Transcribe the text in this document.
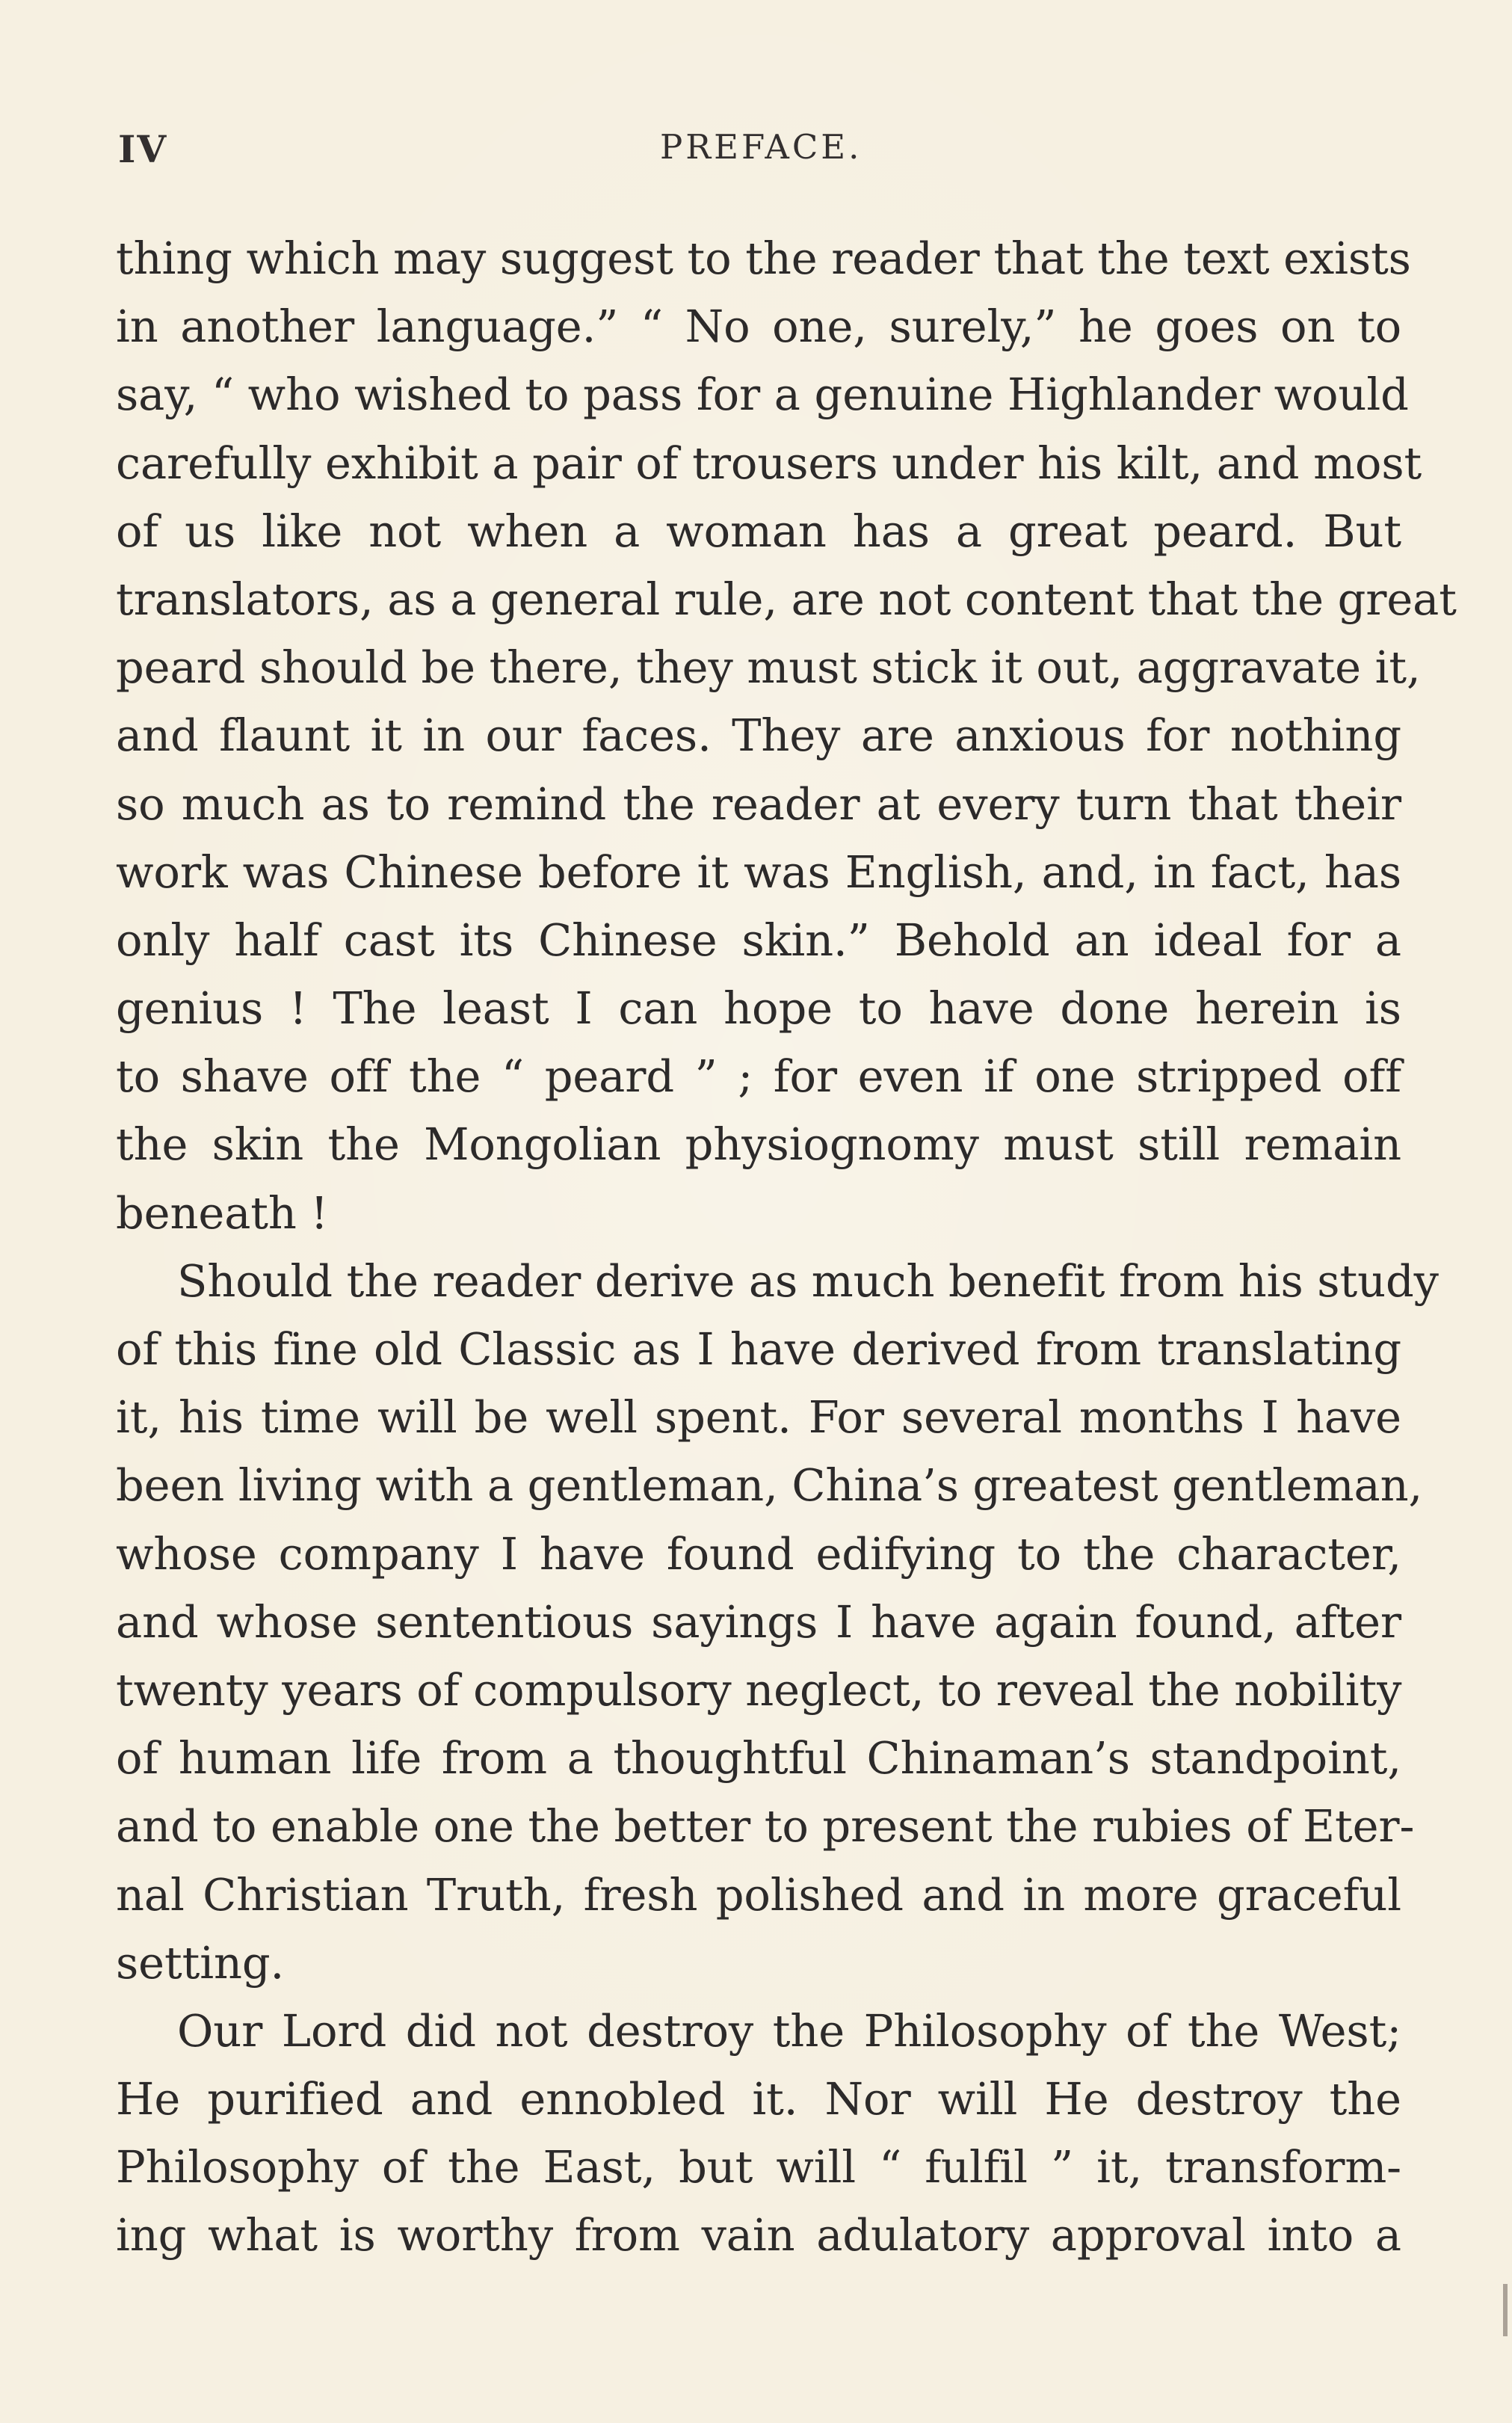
IV	PREFACE.
thing which may suggest to the reader that the text exists
in another language.” “ No one, surely,” he goes on to
say, “ who wished to pass for a genuine Highlander would
carefully exhibit a pair of trousers under his kilt, and most
of us like not when a woman has a great peard. But
translators, as a general rule, are not content that the great
peard should be there, they must stick it out, aggravate it,
and flaunt it in our faces. They are anxious for nothing
so much as to remind the reader at every turn that their
work was Chinese before it was English, and, in fact, has
only half cast its Chinese skin.” Behold an ideal for a
genius ! The least I can hope to have done herein is
to shave off the “ peard ” ; for even if one stripped off
the skin the Mongolian physiognomy must still remain
beneath !
Should the reader derive as much benefit from his study
of this fine old Classic as I have derived from translating
it, his time will be well spent. For several months I have
been living with a gentleman, China’s greatest gentleman,
whose company I have found edifying to the character,
and whose sententious sayings I have again found, after
twenty years of compulsory neglect, to reveal the nobility
of human life from a thoughtful Chinaman’s standpoint,
and to enable one the better to present the rubies of Eter-
nal Christian Truth, fresh polished and in more graceful
setting.
Our Lord did not destroy the Philosophy of the West;
He purified and ennobled it. Nor will He destroy the
Philosophy of the East, but will “ fulfil ” it, transform-
ing what is worthy from vain adulatory approval into a
